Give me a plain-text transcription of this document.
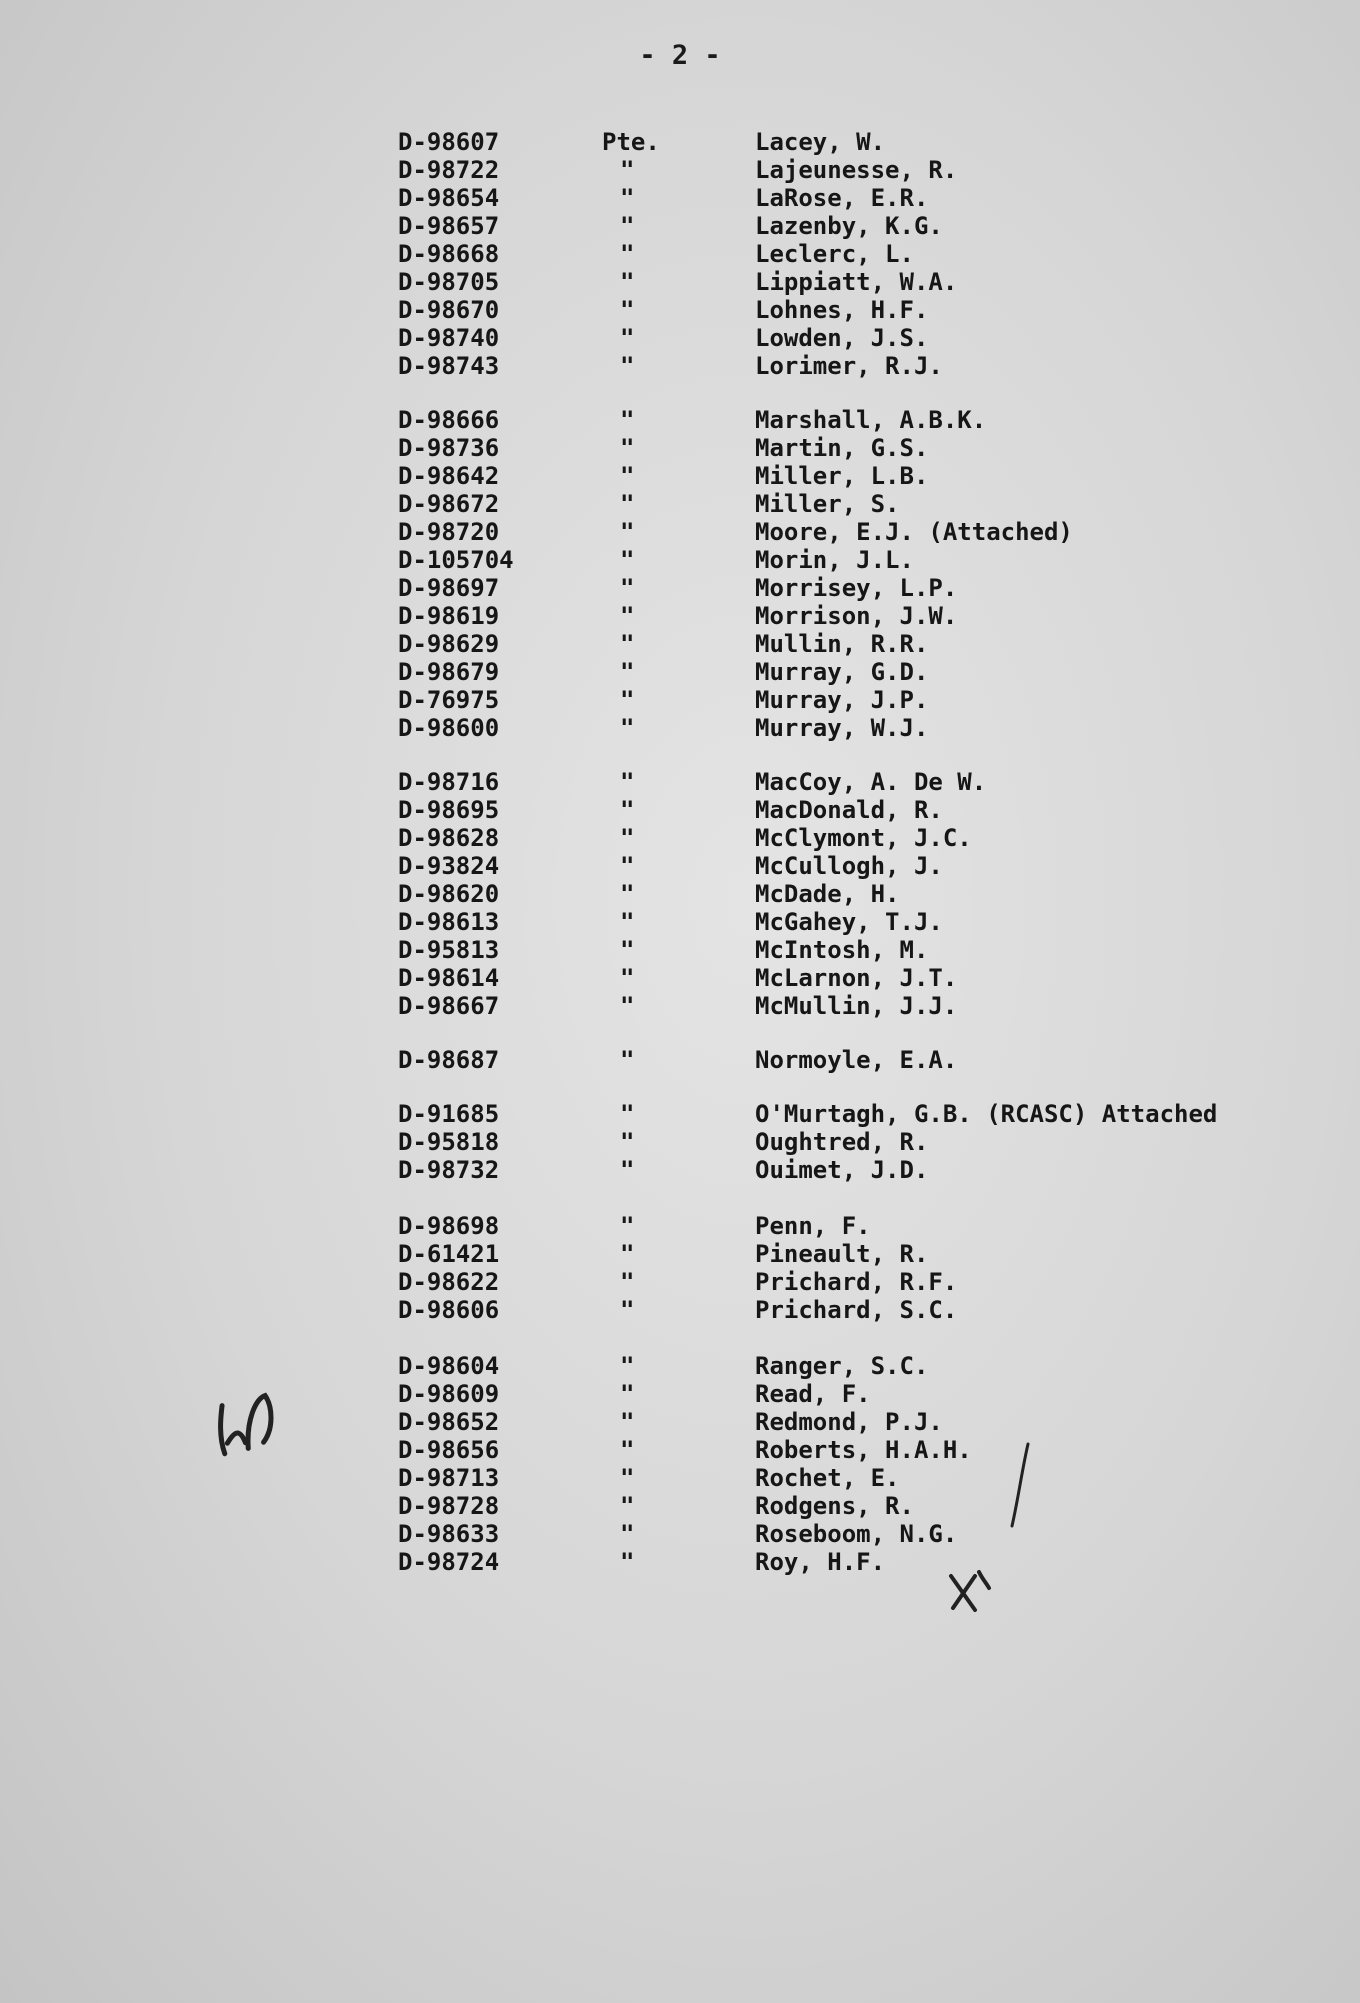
- 2 -
D-98607	Pte.	Lacey, W.
D-98722	"	Lajeunesse, R.
D-98654	"	LaRose, E.R.
D-98657	"	Lazenby, K.G.
D-98668	"	Leclerc, L.
D-98705	"	Lippiatt, W.A.
D-98670	"	Lohnes, H.F.
D-98740	"	Lowden, J.S.
D-98743	"	Lorimer, R.J.
D-98666	"	Marshall, A.B.K.
D-98736	"	Martin, G.S.
D-98642	"	Miller, L.B.
D-98672	"	Miller, S.
D-98720	"	Moore, E.J. (Attached)
D-105704	"	Morin, J.L.
D-98697	"	Morrisey, L.P.
D-98619	"	Morrison, J.W.
D-98629	"	Mullin, R.R.
D-98679	"	Murray, G.D.
D-76975	"	Murray, J.P.
D-98600	"	Murray, W.J.
D-98716	"	MacCoy, A. De W.
D-98695	"	MacDonald, R.
D-98628	"	McClymont, J.C.
D-93824	"	McCullogh, J.
D-98620	"	McDade, H.
D-98613	"	McGahey, T.J.
D-95813	"	McIntosh, M.
D-98614	"	McLarnon, J.T.
D-98667	"	McMullin, J.J.
D-98687	"	Normoyle, E.A.
D-91685	"	O'Murtagh, G.B. (RCASC) Attached
D-95818	"	Oughtred, R.
D-98732	"	Ouimet, J.D.
D-98698	"	Penn, F.
D-61421	"	Pineault, R.
D-98622	"	Prichard, R.F.
D-98606	"	Prichard, S.C.
D-98604	"	Ranger, S.C.
D-98609	"	Read, F.
D-98652	"	Redmond, P.J.
D-98656	"	Roberts, H.A.H.
D-98713	"	Rochet, E.
D-98728	"	Rodgens, R.
D-98633	"	Roseboom, N.G.
D-98724	"	Roy, H.F.
